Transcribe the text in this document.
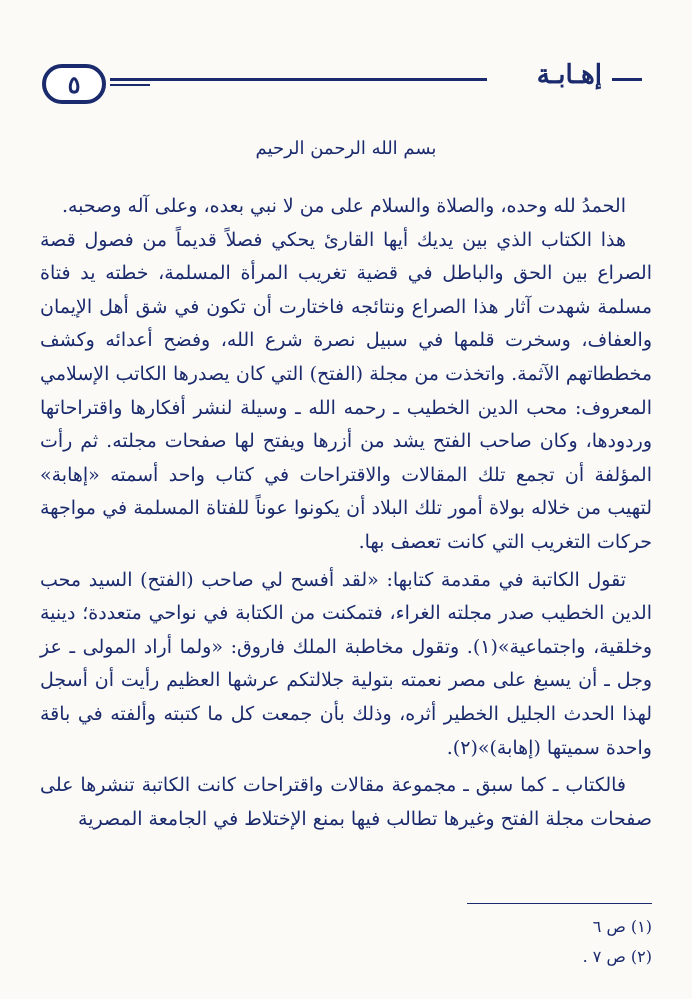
إهـابـة
٥
بسم الله الرحمن الرحيم

الحمدُ لله وحده، والصلاة والسلام على من لا نبي بعده، وعلى آله وصحبه.

هذا الكتاب الذي بين يديك أيها القارئ يحكي فصلاً قديماً من فصول قصة الصراع بين الحق والباطل في قضية تغريب المرأة المسلمة، خطته يد فتاة مسلمة شهدت آثار هذا الصراع ونتائجه فاختارت أن تكون في شق أهل الإيمان والعفاف، وسخرت قلمها في سبيل نصرة شرع الله، وفضح أعدائه وكشف مخططاتهم الآثمة. واتخذت من مجلة (الفتح) التي كان يصدرها الكاتب الإسلامي المعروف: محب الدين الخطيب ـ رحمه الله ـ وسيلة لنشر أفكارها واقتراحاتها وردودها، وكان صاحب الفتح يشد من أزرها ويفتح لها صفحات مجلته. ثم رأت المؤلفة أن تجمع تلك المقالات والاقتراحات في كتاب واحد أسمته «إهابة» لتهيب من خلاله بولاة أمور تلك البلاد أن يكونوا عوناً للفتاة المسلمة في مواجهة حركات التغريب التي كانت تعصف بها.

تقول الكاتبة في مقدمة كتابها: «لقد أفسح لي صاحب (الفتح) السيد محب الدين الخطيب صدر مجلته الغراء، فتمكنت من الكتابة في نواحي متعددة؛ دينية وخلقية، واجتماعية»(١). وتقول مخاطبة الملك فاروق: «ولما أراد المولى ـ عز وجل ـ أن يسبغ على مصر نعمته بتولية جلالتكم عرشها العظيم رأيت أن أسجل لهذا الحدث الجليل الخطير أثره، وذلك بأن جمعت كل ما كتبته وألفته في باقة واحدة سميتها (إهابة)»(٢).

فالكتاب ـ كما سبق ـ مجموعة مقالات واقتراحات كانت الكاتبة تنشرها على صفحات مجلة الفتح وغيرها تطالب فيها بمنع الإختلاط في الجامعة المصرية

(١) ص ٦
(٢) ص ٧ .
